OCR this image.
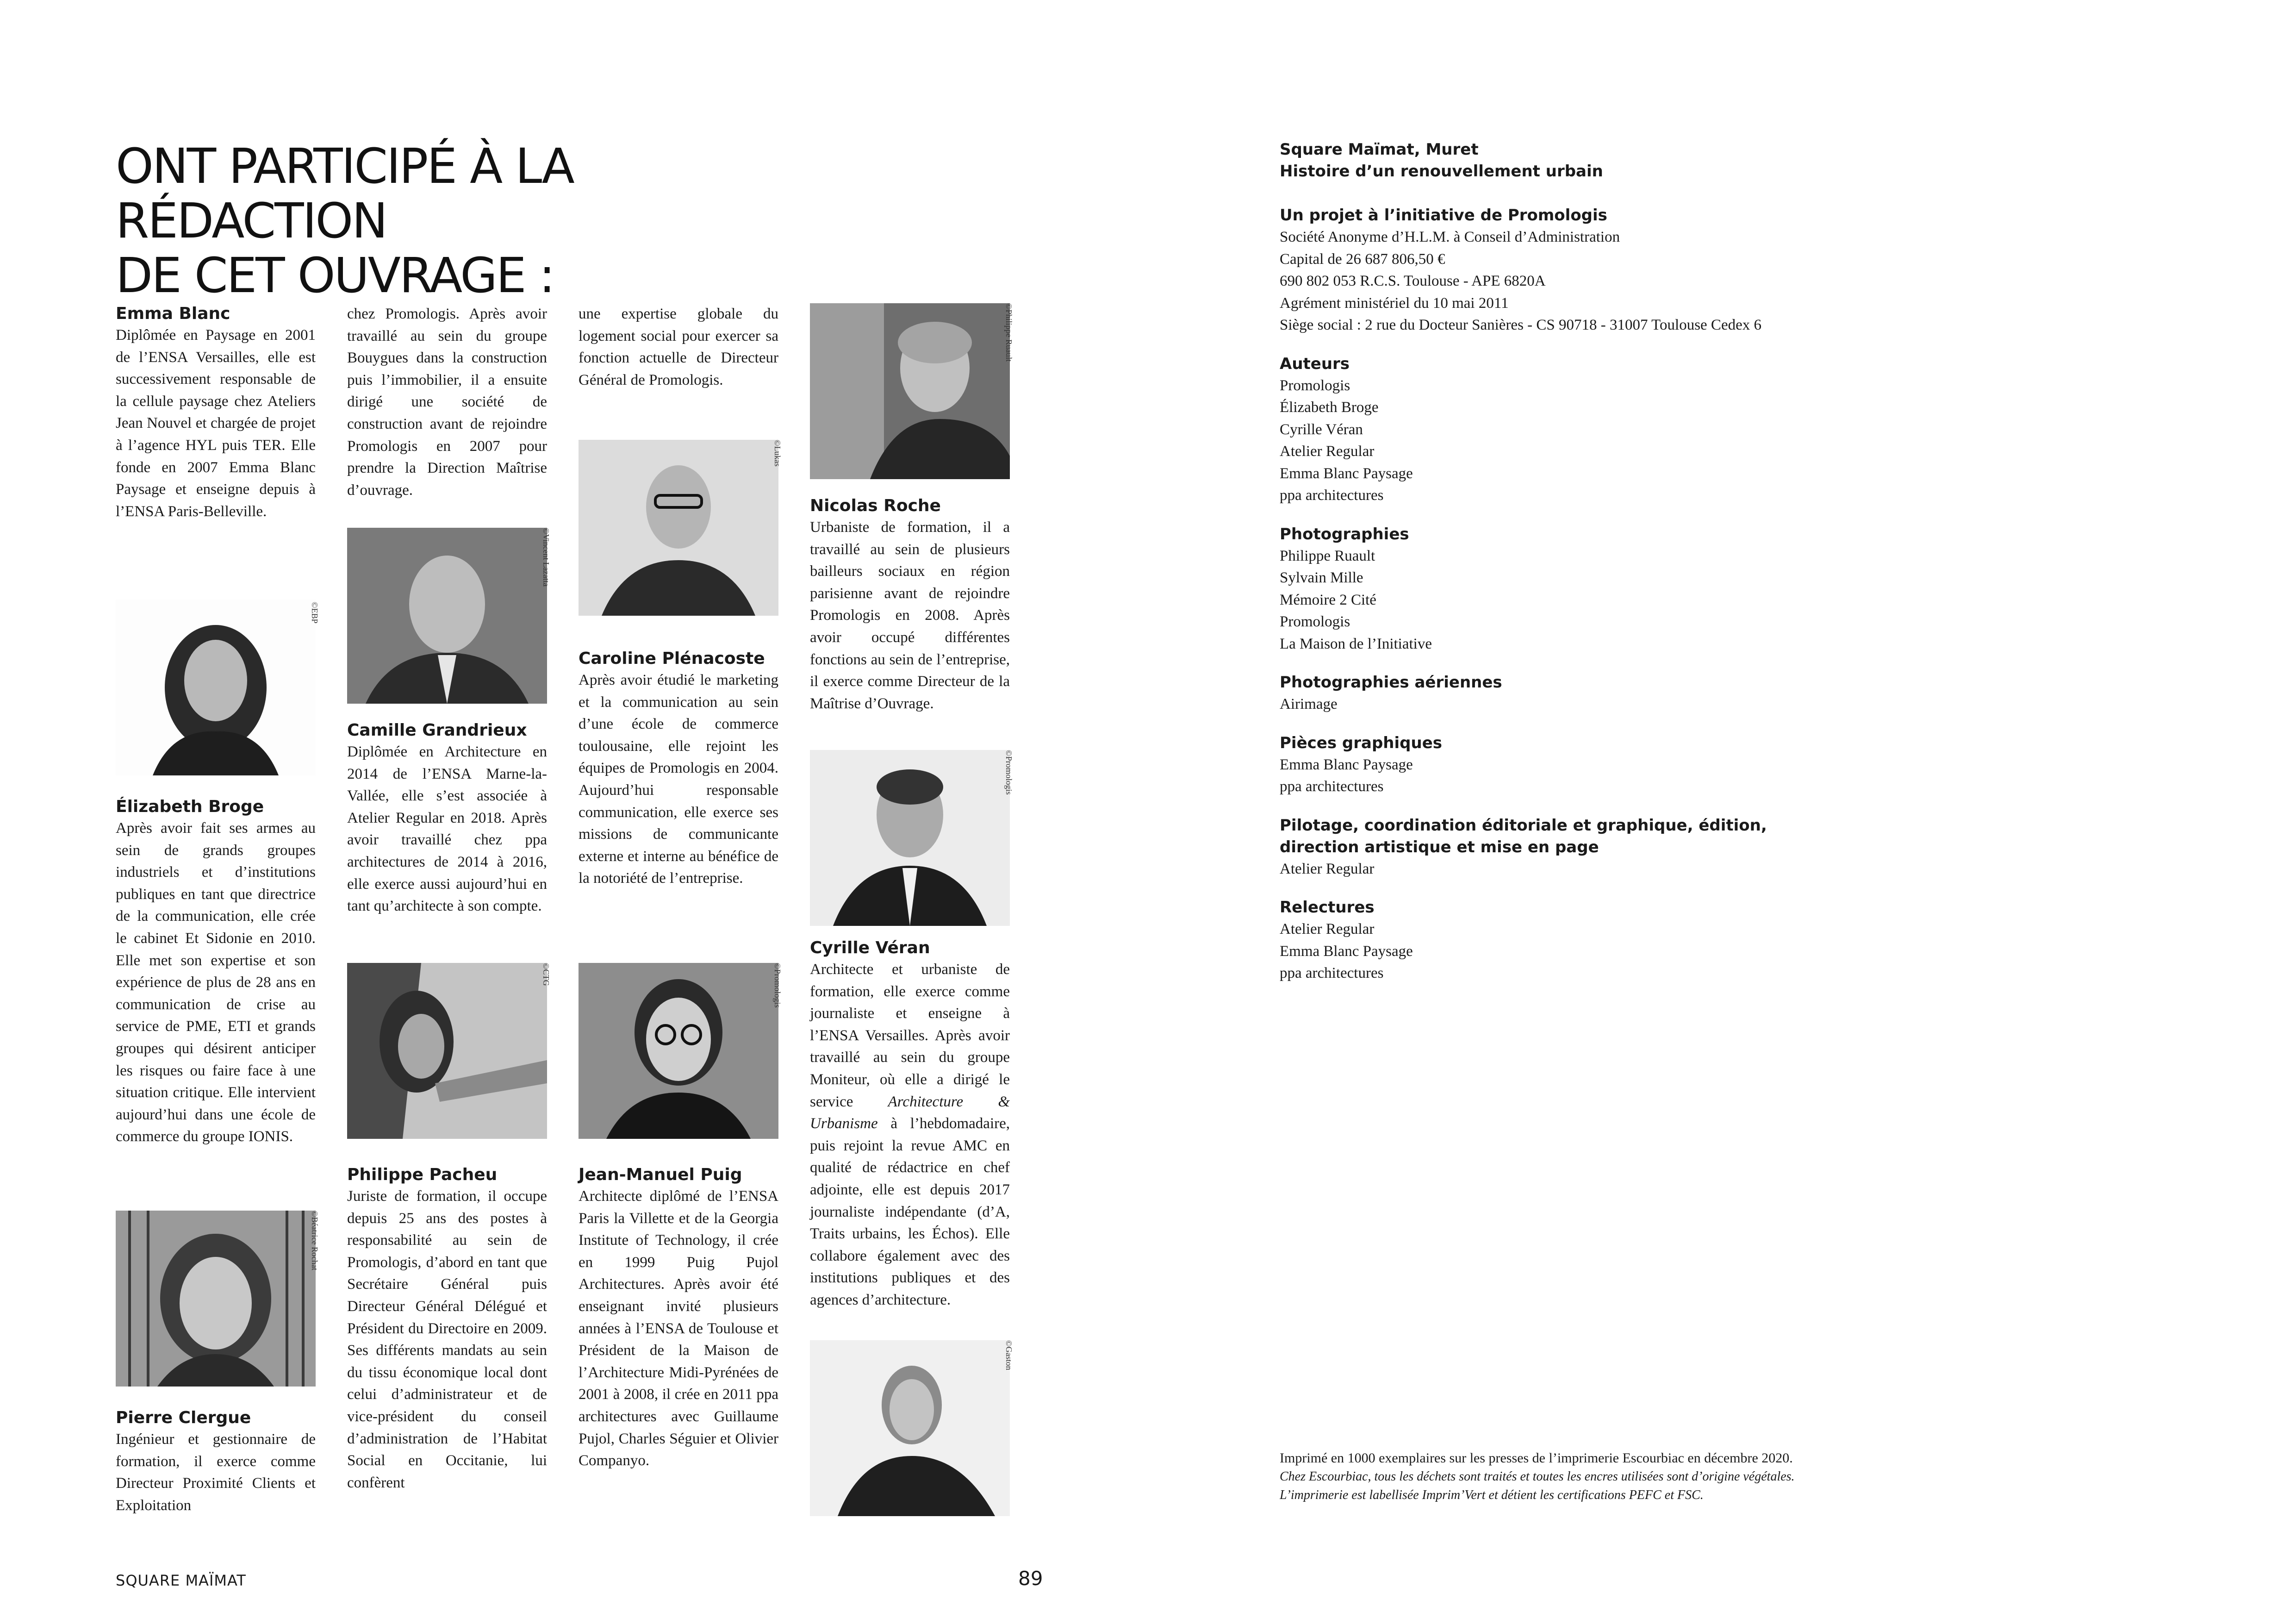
ONT PARTICIPÉ À LA RÉDACTION
DE CET OUVRAGE :

Emma Blanc

Diplômée en Paysage en 2001 de l’ENSA Versailles, elle est successivement responsable de la cellule paysage chez Ateliers Jean Nouvel et chargée de projet à l’agence HYL puis TER. Elle fonde en 2007 Emma Blanc Paysage et enseigne depuis à l’ENSA Paris-Belleville.

©EBP

Élizabeth Broge

Après avoir fait ses armes au sein de grands groupes industriels et d’institutions publiques en tant que directrice de la communication, elle crée le cabinet Et Sidonie en 2010. Elle met son expertise et son expérience de plus de 28 ans en communication de crise au service de PME, ETI et grands groupes qui désirent anticiper les risques ou faire face à une situation critique. Elle intervient aujourd’hui dans une école de commerce du groupe IONIS.

©Béatrice Rochat

Pierre Clergue

Ingénieur et gestionnaire de formation, il exerce comme Directeur Proximité Clients et Exploitation

chez Promologis. Après avoir travaillé au sein du groupe Bouygues dans la construction puis l’immobilier, il a ensuite dirigé une société de construction avant de rejoindre Promologis en 2007 pour prendre la Direction Maîtrise d’ouvrage.

©Vincent Lazatta

Camille Grandrieux

Diplômée en Architecture en 2014 de l’ENSA Marne-la-Vallée, elle s’est associée à Atelier Regular en 2018. Après avoir travaillé chez ppa architectures de 2014 à 2016, elle exerce aussi aujourd’hui en tant qu’architecte à son compte.

©CTG

Philippe Pacheu

Juriste de formation, il occupe depuis 25 ans des postes à responsabilité au sein de Promologis, d’abord en tant que Secrétaire Général puis Directeur Général Délégué et Président du Directoire en 2009. Ses différents mandats au sein du tissu économique local dont celui d’administrateur et de vice-président du conseil d’administration de l’Habitat Social en Occitanie, lui confèrent

une expertise globale du logement social pour exercer sa fonction actuelle de Directeur Général de Promologis.

©Lukas

Caroline Plénacoste

Après avoir étudié le marketing et la communication au sein d’une école de commerce toulousaine, elle rejoint les équipes de Promologis en 2004. Aujourd’hui responsable communication, elle exerce ses missions de communicante externe et interne au bénéfice de la notoriété de l’entreprise.

©Promologis

Jean-Manuel Puig

Architecte diplômé de l’ENSA Paris la Villette et de la Georgia Institute of Technology, il crée en 1999 Puig Pujol Architectures. Après avoir été enseignant invité plusieurs années à l’ENSA de Toulouse et Président de la Maison de l’Architecture Midi-Pyrénées de 2001 à 2008, il crée en 2011 ppa architectures avec Guillaume Pujol, Charles Séguier et Olivier Companyo.

©Philippe Ruault

Nicolas Roche

Urbaniste de formation, il a travaillé au sein de plusieurs bailleurs sociaux en région parisienne avant de rejoindre Promologis en 2008. Après avoir occupé différentes fonctions au sein de l’entreprise, il exerce comme Directeur de la Maîtrise d’Ouvrage.

©Promologis

Cyrille Véran

Architecte et urbaniste de formation, elle exerce comme journaliste et enseigne à l’ENSA Versailles. Après avoir travaillé au sein du groupe Moniteur, où elle a dirigé le service Architecture & Urbanisme à l’hebdomadaire, puis rejoint la revue AMC en qualité de rédactrice en chef adjointe, elle est depuis 2017 journaliste indépendante (d’A, Traits urbains, les Échos). Elle collabore également avec des institutions publiques et des agences d’architecture.

©Gaston

Square Maïmat, Muret

Histoire d’un renouvellement urbain

Un projet à l’initiative de Promologis

Société Anonyme d’H.L.M. à Conseil d’Administration

Capital de 26 687 806,50 €

690 802 053 R.C.S. Toulouse - APE 6820A

Agrément ministériel du 10 mai 2011

Siège social : 2 rue du Docteur Sanières - CS 90718 - 31007 Toulouse Cedex 6

Auteurs

Promologis

Élizabeth Broge

Cyrille Véran

Atelier Regular

Emma Blanc Paysage

ppa architectures

Photographies

Philippe Ruault

Sylvain Mille

Mémoire 2 Cité

Promologis

La Maison de l’Initiative

Photographies aériennes

Airimage

Pièces graphiques

Emma Blanc Paysage

ppa architectures

Pilotage, coordination éditoriale et graphique, édition,

direction artistique et mise en page

Atelier Regular

Relectures

Atelier Regular

Emma Blanc Paysage

ppa architectures

Imprimé en 1000 exemplaires sur les presses de l’imprimerie Escourbiac en décembre 2020.

Chez Escourbiac, tous les déchets sont traités et toutes les encres utilisées sont d’origine végétales.

L’imprimerie est labellisée Imprim’Vert et détient les certifications PEFC et FSC.

SQUARE MAÏMAT	89
